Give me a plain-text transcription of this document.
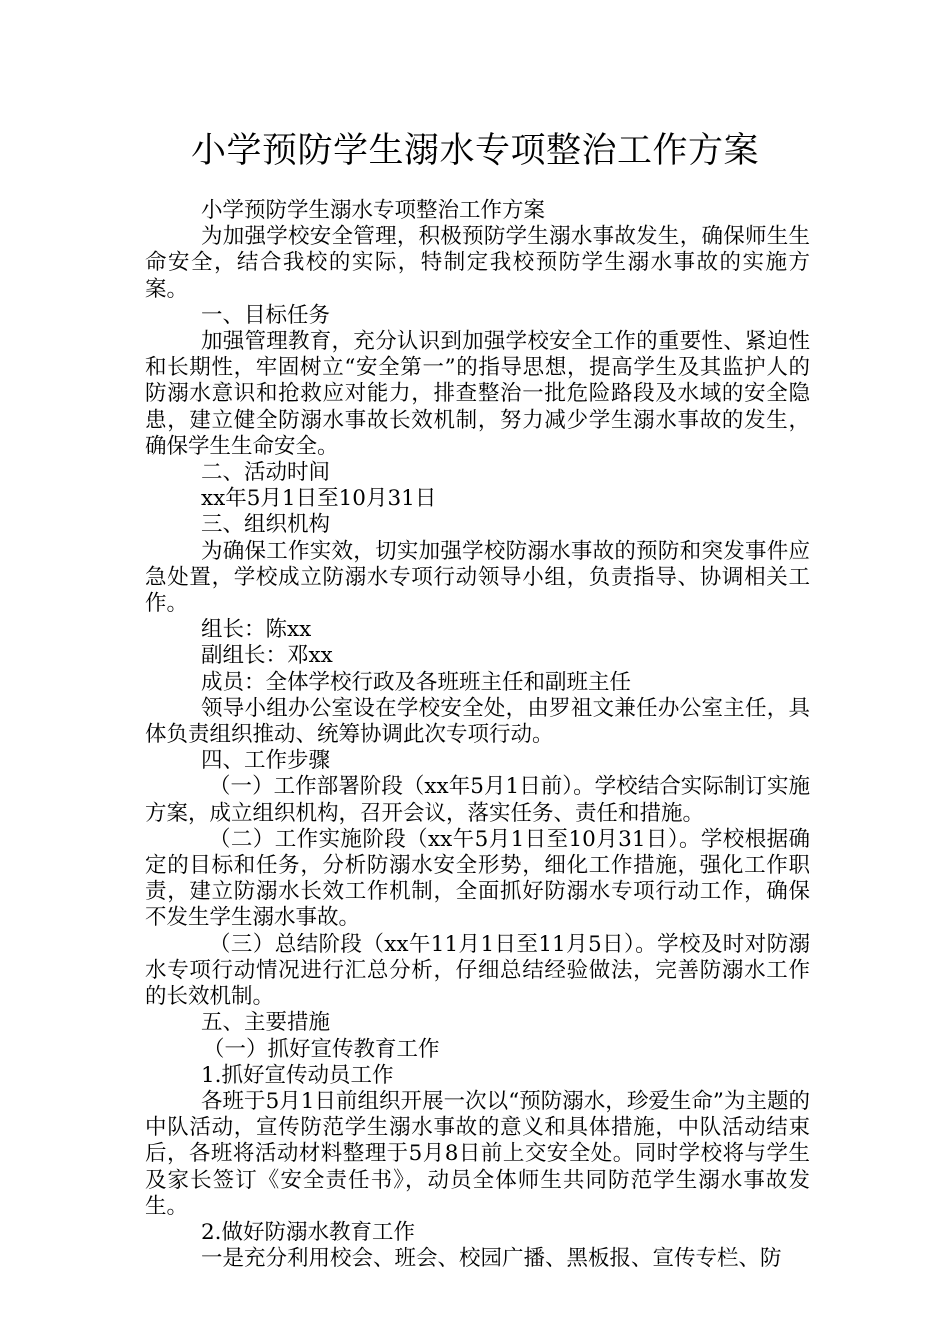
小学预防学生溺水专项整治工作方案

小学预防学生溺水专项整治工作方案

为加强学校安全管理，积极预防学生溺水事故发生，确保师生生命安全，结合我校的实际，特制定我校预防学生溺水事故的实施方案。

一、目标任务

加强管理教育，充分认识到加强学校安全工作的重要性、紧迫性和长期性，牢固树立“安全第一”的指导思想，提高学生及其监护人的防溺水意识和抢救应对能力，排查整治一批危险路段及水域的安全隐患，建立健全防溺水事故长效机制，努力减少学生溺水事故的发生，确保学生生命安全。

二、活动时间

xx年5月1日至10月31日

三、组织机构

为确保工作实效，切实加强学校防溺水事故的预防和突发事件应急处置，学校成立防溺水专项行动领导小组，负责指导、协调相关工作。

组长：陈xx

副组长：邓xx

成员：全体学校行政及各班班主任和副班主任

领导小组办公室设在学校安全处，由罗祖文兼任办公室主任，具体负责组织推动、统筹协调此次专项行动。

四、工作步骤

（一）工作部署阶段（xx年5月1日前）。学校结合实际制订实施方案，成立组织机构，召开会议，落实任务、责任和措施。

（二）工作实施阶段（xx午5月1日至10月31日）。学校根据确定的目标和任务，分析防溺水安全形势，细化工作措施，强化工作职责，建立防溺水长效工作机制，全面抓好防溺水专项行动工作，确保不发生学生溺水事故。

（三）总结阶段（xx午11月1日至11月5日）。学校及时对防溺水专项行动情况进行汇总分析，仔细总结经验做法，完善防溺水工作的长效机制。

五、主要措施

（一）抓好宣传教育工作

1.抓好宣传动员工作

各班于5月1日前组织开展一次以“预防溺水，珍爱生命”为主题的中队活动，宣传防范学生溺水事故的意义和具体措施，中队活动结束后，各班将活动材料整理于5月8日前上交安全处。同时学校将与学生及家长签订《安全责任书》，动员全体师生共同防范学生溺水事故发生。

2.做好防溺水教育工作

一是充分利用校会、班会、校园广播、黑板报、宣传专栏、防
